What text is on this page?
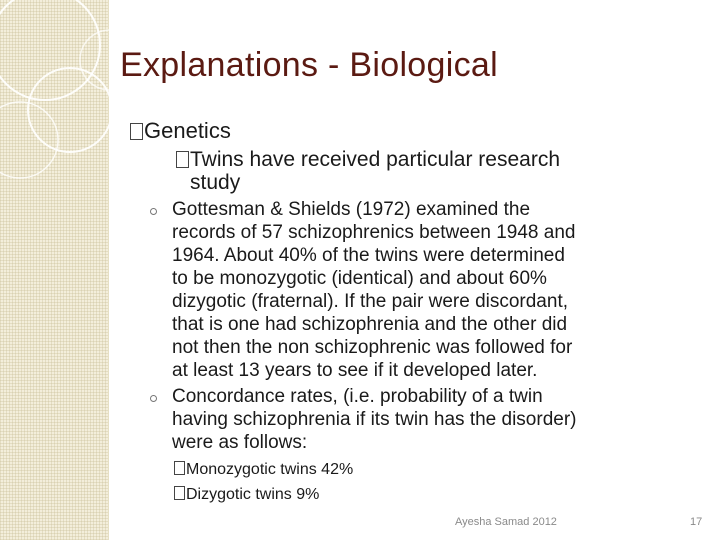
Explanations - Biological
Genetics
Twins have received particular research
study
Gottesman & Shields (1972) examined the
records of 57 schizophrenics between 1948 and
1964. About 40% of the twins were determined
to be monozygotic (identical) and about 60%
dizygotic (fraternal). If the pair were discordant,
that is one had schizophrenia and the other did
not then the non schizophrenic was followed for
at least 13 years to see if it developed later.
Concordance rates, (i.e. probability of a twin
having schizophrenia if its twin has the disorder)
were as follows:
Monozygotic twins 42%
Dizygotic twins 9%
Ayesha Samad 2012	17
